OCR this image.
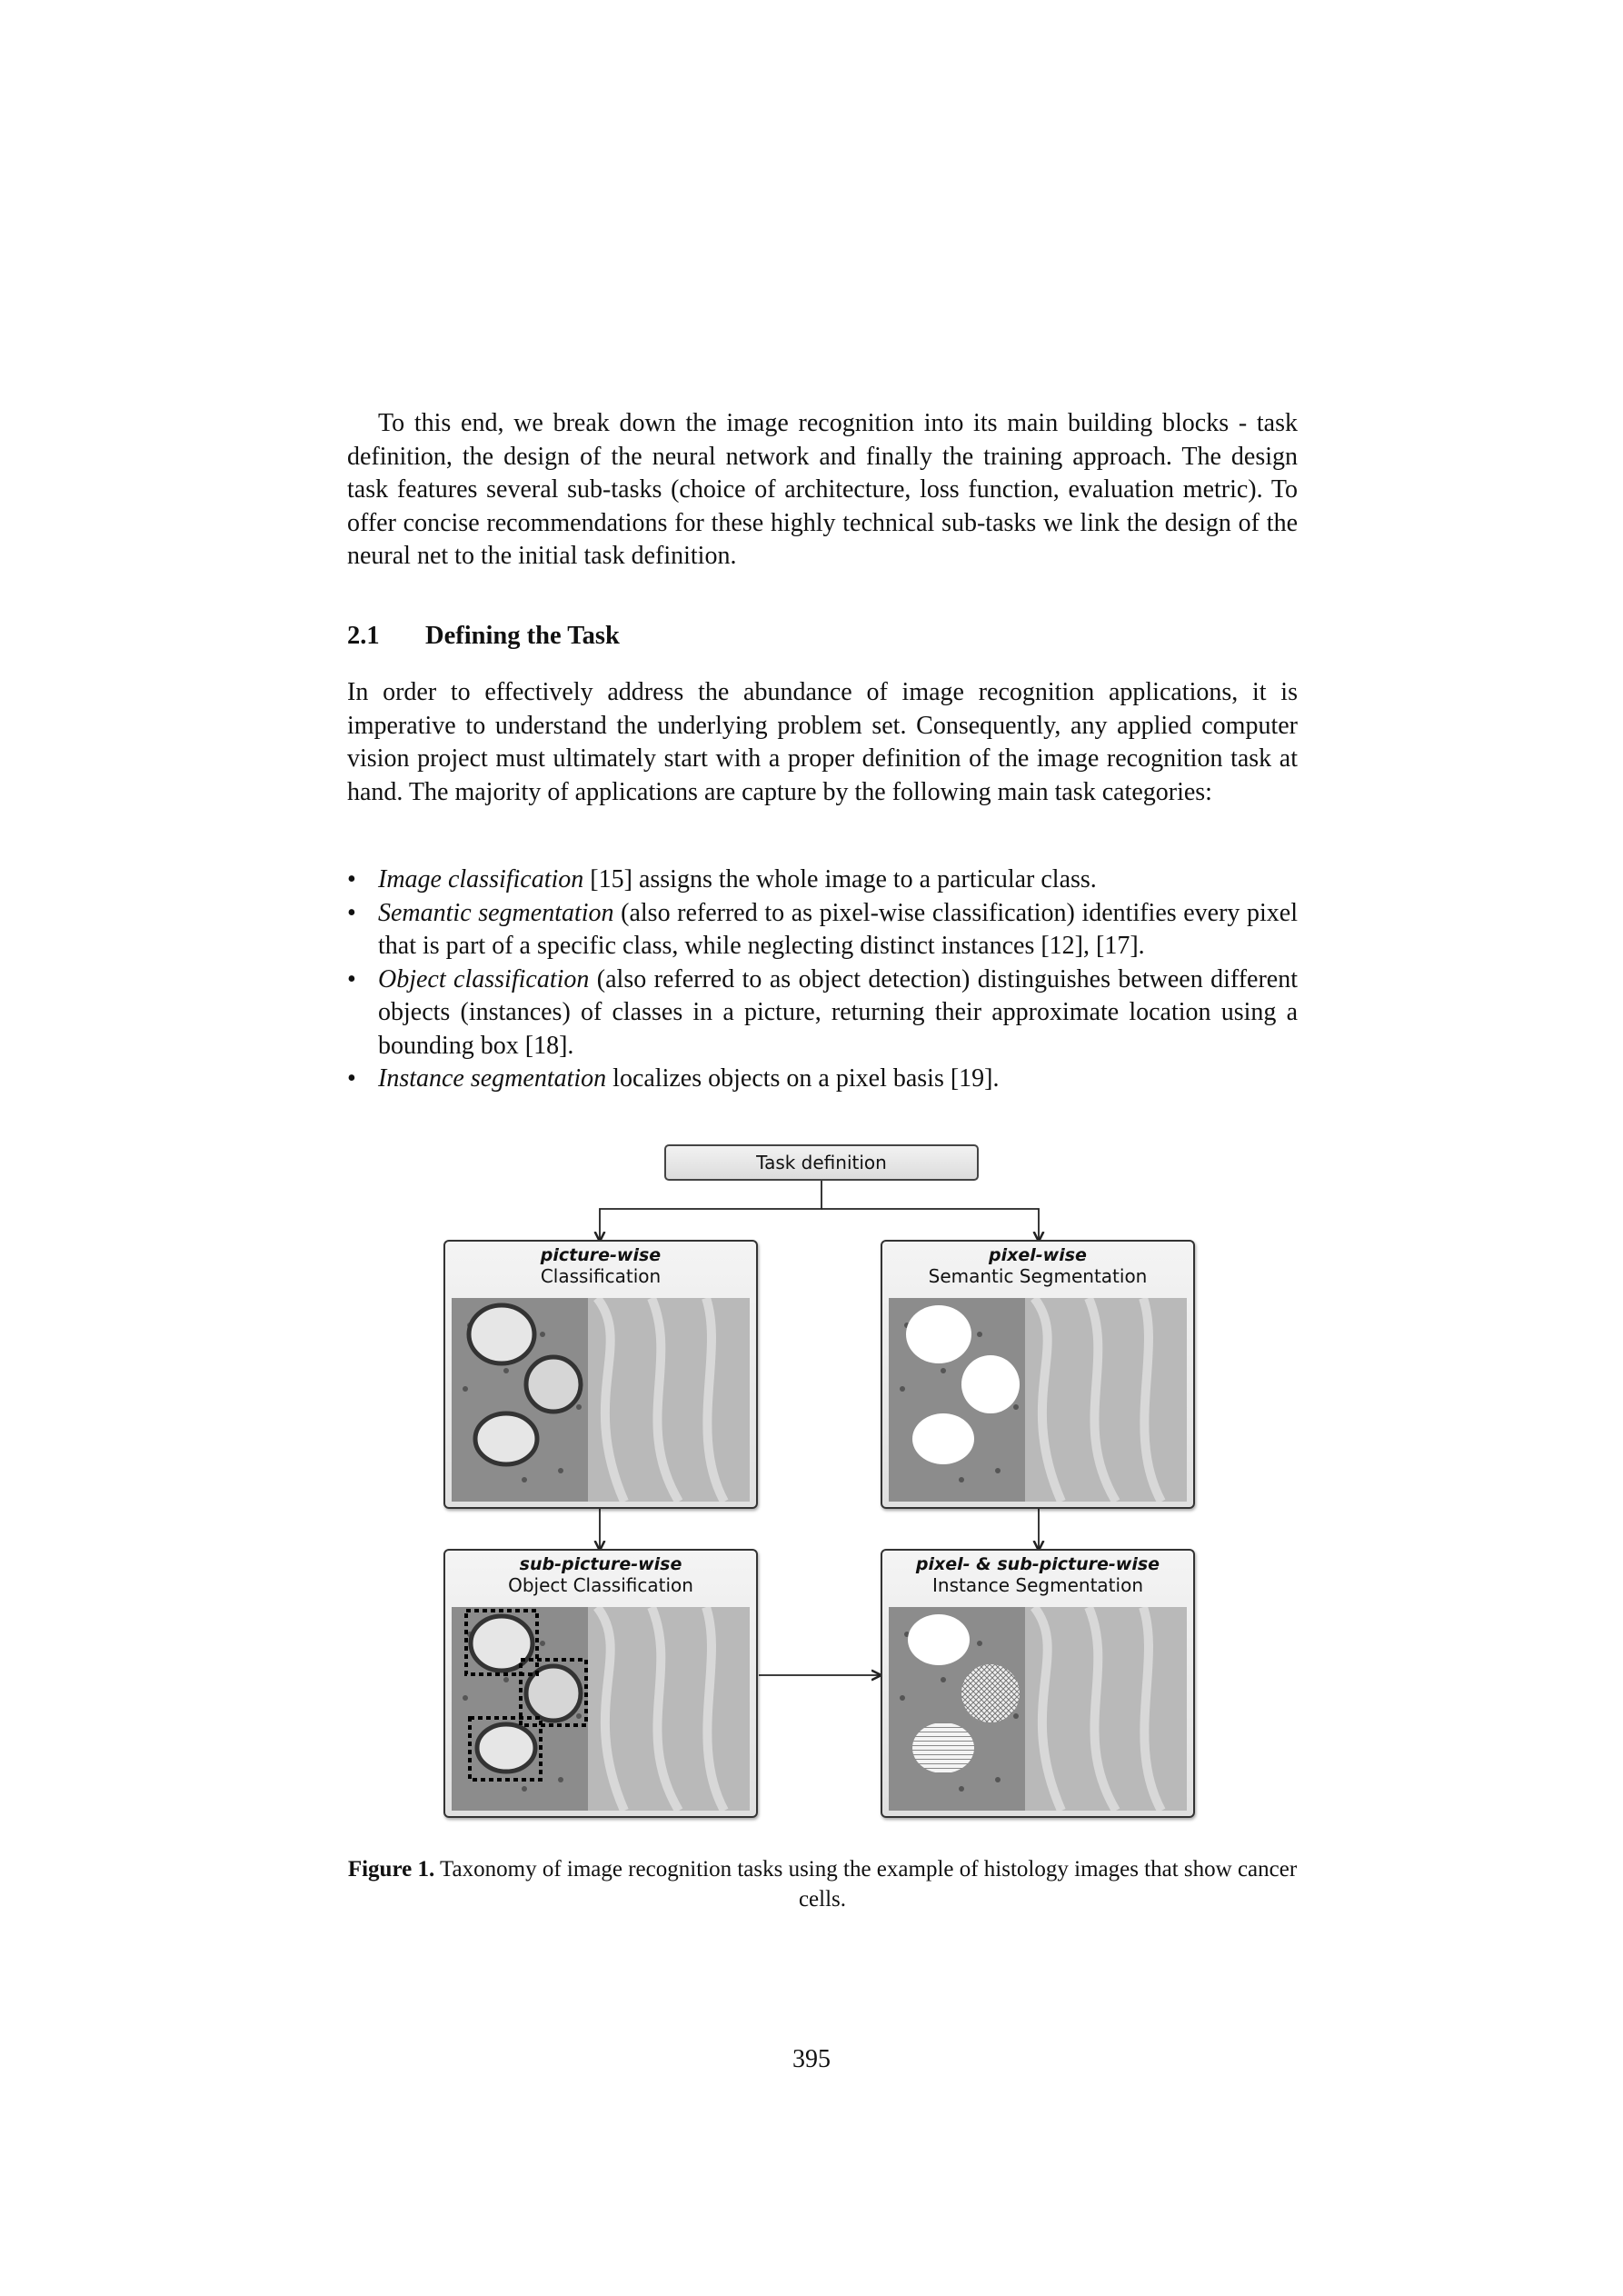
To this end, we break down the image recognition into its main building blocks - task definition, the design of the neural network and finally the training approach. The design task features several sub-tasks (choice of architecture, loss function, evaluation metric). To offer concise recommendations for these highly technical sub-tasks we link the design of the neural net to the initial task definition.

2.1 Defining the Task

In order to effectively address the abundance of image recognition applications, it is imperative to understand the underlying problem set. Consequently, any applied computer vision project must ultimately start with a proper definition of the image recognition task at hand. The majority of applications are capture by the following main task categories:

• Image classification [15] assigns the whole image to a particular class.
• Semantic segmentation (also referred to as pixel-wise classification) identifies every pixel that is part of a specific class, while neglecting distinct instances [12], [17].
• Object classification (also referred to as object detection) distinguishes between different objects (instances) of classes in a picture, returning their approximate location using a bounding box [18].
• Instance segmentation localizes objects on a pixel basis [19].
Task definition
picture-wise
Classification
pixel-wise
Semantic Segmentation
sub-picture-wise
Object Classification
pixel- & sub-picture-wise
Instance Segmentation
Figure 1. Taxonomy of image recognition tasks using the example of histology images that show cancer cells.
395
